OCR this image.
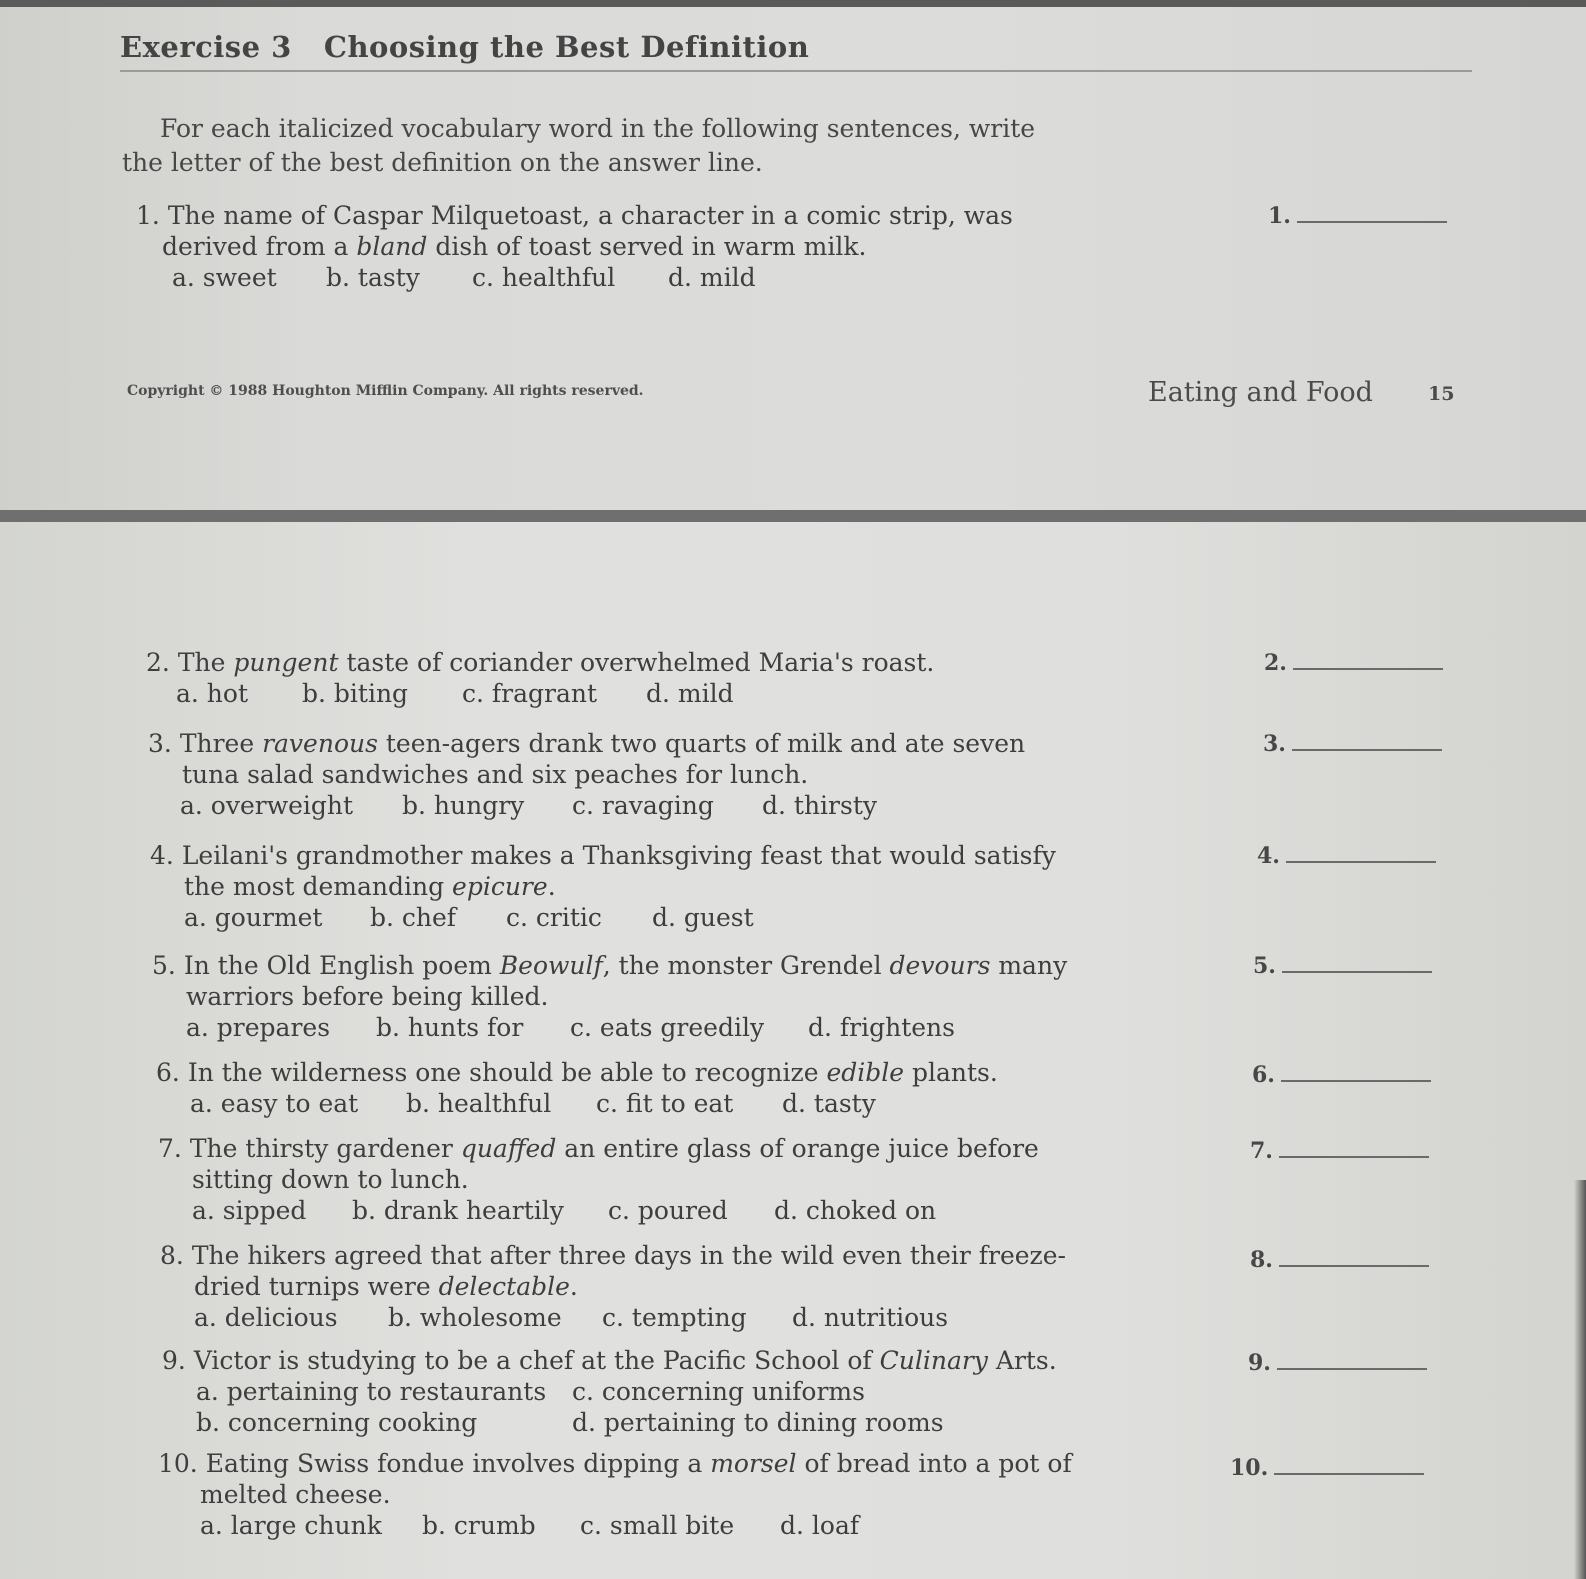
Exercise 3 Choosing the Best Definition
For each italicized vocabulary word in the following sentences, write the letter of the best definition on the answer line.
1. The name of Caspar Milquetoast, a character in a comic strip, was
derived from a bland dish of toast served in warm milk.
a. sweet b. tasty c. healthful d. mild
1.
Copyright © 1988 Houghton Mifflin Company. All rights reserved.	Eating and Food	15
2. The pungent taste of coriander overwhelmed Maria's roast.
a. hot b. biting c. fragrant d. mild
2.
3. Three ravenous teen-agers drank two quarts of milk and ate seven
tuna salad sandwiches and six peaches for lunch.
a. overweight b. hungry c. ravaging d. thirsty
3.
4. Leilani's grandmother makes a Thanksgiving feast that would satisfy
the most demanding epicure.
a. gourmet b. chef c. critic d. guest
4.
5. In the Old English poem Beowulf, the monster Grendel devours many
warriors before being killed.
a. prepares b. hunts for c. eats greedily d. frightens
5.
6. In the wilderness one should be able to recognize edible plants.
a. easy to eat b. healthful c. fit to eat d. tasty
6.
7. The thirsty gardener quaffed an entire glass of orange juice before
sitting down to lunch.
a. sipped b. drank heartily c. poured d. choked on
7.
8. The hikers agreed that after three days in the wild even their freeze-
dried turnips were delectable.
a. delicious b. wholesome c. tempting d. nutritious
8.
9. Victor is studying to be a chef at the Pacific School of Culinary Arts.
a. pertaining to restaurants	c. concerning uniforms
b. concerning cooking	d. pertaining to dining rooms
9.
10. Eating Swiss fondue involves dipping a morsel of bread into a pot of
melted cheese.
a. large chunk b. crumb c. small bite d. loaf
10.
